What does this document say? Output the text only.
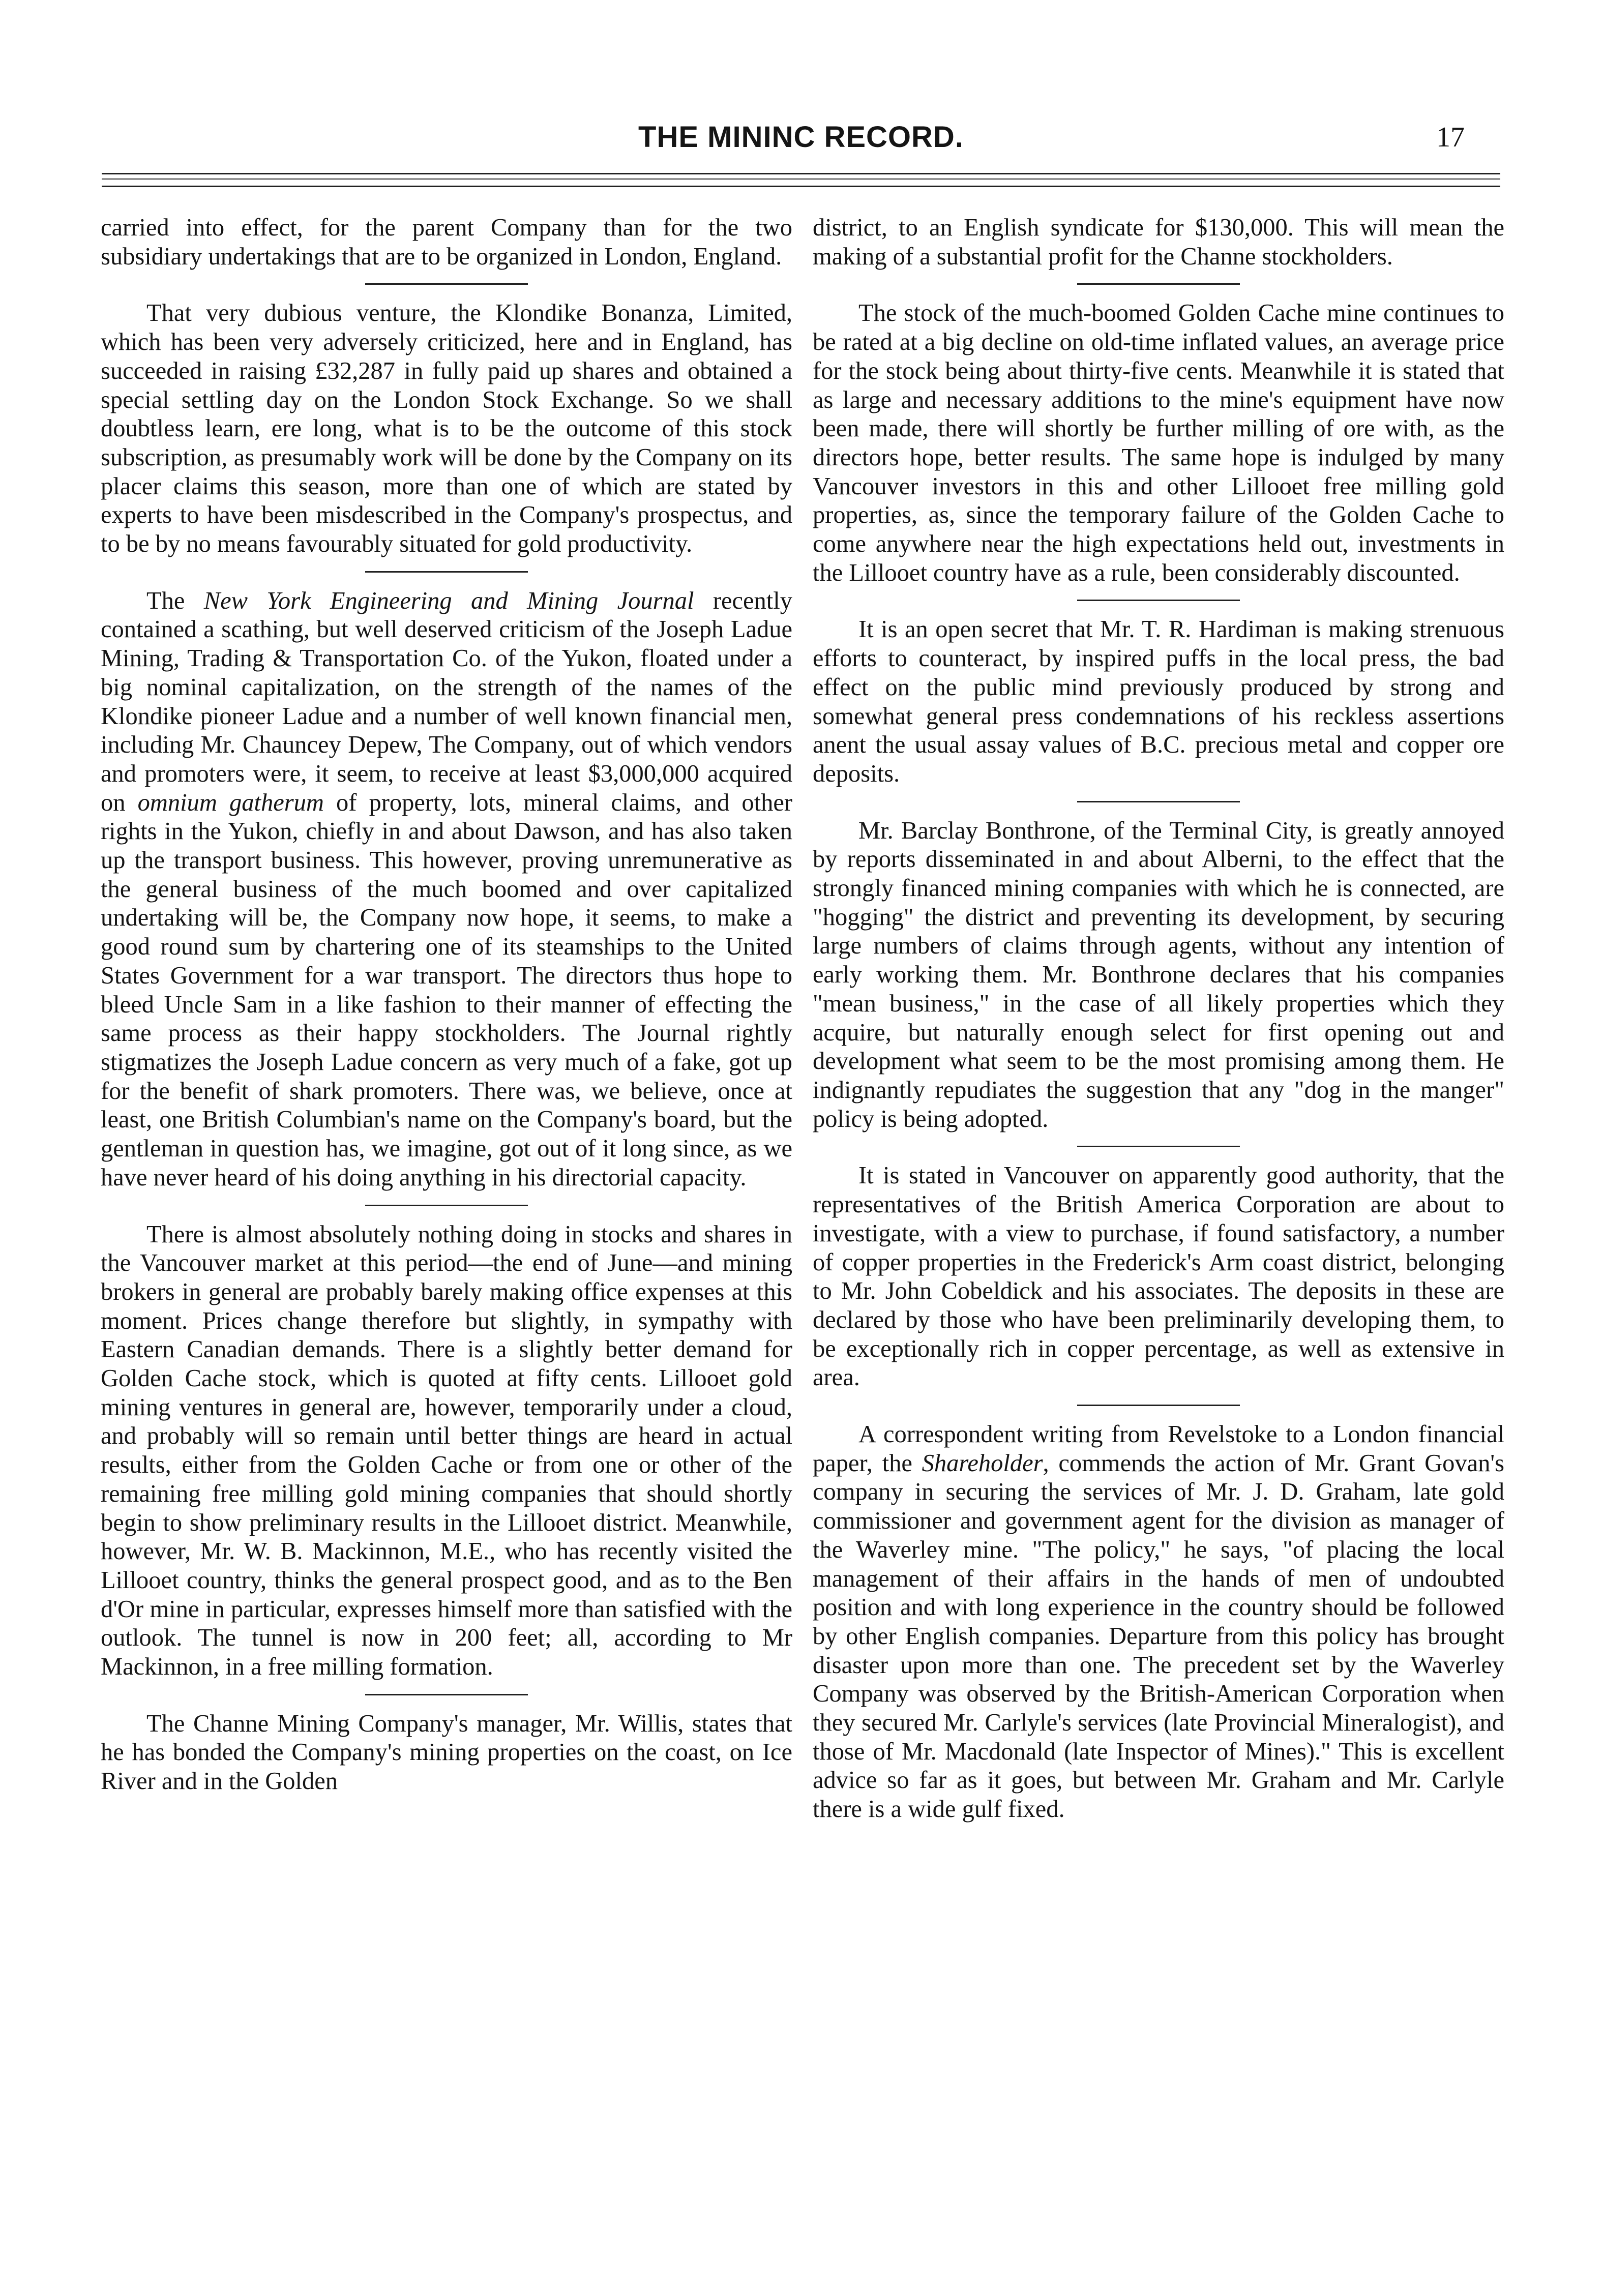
THE MININC RECORD.	17

carried into effect, for the parent Company than for the two subsidiary undertakings that are to be organized in London, England.

That very dubious venture, the Klondike Bonanza, Limited, which has been very adversely criticized, here and in England, has succeeded in raising £32,287 in fully paid up shares and obtained a special settling day on the London Stock Exchange. So we shall doubtless learn, ere long, what is to be the outcome of this stock subscription, as presumably work will be done by the Company on its placer claims this season, more than one of which are stated by experts to have been misdescribed in the Company's prospectus, and to be by no means favourably situated for gold productivity.

The New York Engineering and Mining Journal recently contained a scathing, but well deserved criticism of the Joseph Ladue Mining, Trading & Transportation Co. of the Yukon, floated under a big nominal capitalization, on the strength of the names of the Klondike pioneer Ladue and a number of well known financial men, including Mr. Chauncey Depew, The Company, out of which vendors and promoters were, it seem, to receive at least $3,000,000 acquired on omnium gatherum of property, lots, mineral claims, and other rights in the Yukon, chiefly in and about Dawson, and has also taken up the transport business. This however, proving unremunerative as the general business of the much boomed and over capitalized undertaking will be, the Company now hope, it seems, to make a good round sum by chartering one of its steamships to the United States Government for a war transport. The directors thus hope to bleed Uncle Sam in a like fashion to their manner of effecting the same process as their happy stockholders. The Journal rightly stigmatizes the Joseph Ladue concern as very much of a fake, got up for the benefit of shark promoters. There was, we believe, once at least, one British Columbian's name on the Company's board, but the gentleman in question has, we imagine, got out of it long since, as we have never heard of his doing anything in his directorial capacity.

There is almost absolutely nothing doing in stocks and shares in the Vancouver market at this period—the end of June—and mining brokers in general are probably barely making office expenses at this moment. Prices change therefore but slightly, in sympathy with Eastern Canadian demands. There is a slightly better demand for Golden Cache stock, which is quoted at fifty cents. Lillooet gold mining ventures in general are, however, temporarily under a cloud, and probably will so remain until better things are heard in actual results, either from the Golden Cache or from one or other of the remaining free milling gold mining companies that should shortly begin to show preliminary results in the Lillooet district. Meanwhile, however, Mr. W. B. Mackinnon, M.E., who has recently visited the Lillooet country, thinks the general prospect good, and as to the Ben d'Or mine in particular, expresses himself more than satisfied with the outlook. The tunnel is now in 200 feet; all, according to Mr Mackinnon, in a free milling formation.

The Channe Mining Company's manager, Mr. Willis, states that he has bonded the Company's mining properties on the coast, on Ice River and in the Golden

district, to an English syndicate for $130,000. This will mean the making of a substantial profit for the Channe stockholders.

The stock of the much-boomed Golden Cache mine continues to be rated at a big decline on old-time inflated values, an average price for the stock being about thirty-five cents. Meanwhile it is stated that as large and necessary additions to the mine's equipment have now been made, there will shortly be further milling of ore with, as the directors hope, better results. The same hope is indulged by many Vancouver investors in this and other Lillooet free milling gold properties, as, since the temporary failure of the Golden Cache to come anywhere near the high expectations held out, investments in the Lillooet country have as a rule, been considerably discounted.

It is an open secret that Mr. T. R. Hardiman is making strenuous efforts to counteract, by inspired puffs in the local press, the bad effect on the public mind previously produced by strong and somewhat general press condemnations of his reckless assertions anent the usual assay values of B.C. precious metal and copper ore deposits.

Mr. Barclay Bonthrone, of the Terminal City, is greatly annoyed by reports disseminated in and about Alberni, to the effect that the strongly financed mining companies with which he is connected, are "hogging" the district and preventing its development, by securing large numbers of claims through agents, without any intention of early working them. Mr. Bonthrone declares that his companies "mean business," in the case of all likely properties which they acquire, but naturally enough select for first opening out and development what seem to be the most promising among them. He indignantly repudiates the suggestion that any "dog in the manger" policy is being adopted.

It is stated in Vancouver on apparently good authority, that the representatives of the British America Corporation are about to investigate, with a view to purchase, if found satisfactory, a number of copper properties in the Frederick's Arm coast district, belonging to Mr. John Cobeldick and his associates. The deposits in these are declared by those who have been preliminarily developing them, to be exceptionally rich in copper percentage, as well as extensive in area.

A correspondent writing from Revelstoke to a London financial paper, the Shareholder, commends the action of Mr. Grant Govan's company in securing the services of Mr. J. D. Graham, late gold commissioner and government agent for the division as manager of the Waverley mine. "The policy," he says, "of placing the local management of their affairs in the hands of men of undoubted position and with long experience in the country should be followed by other English companies. Departure from this policy has brought disaster upon more than one. The precedent set by the Waverley Company was observed by the British-American Corporation when they secured Mr. Carlyle's services (late Provincial Mineralogist), and those of Mr. Macdonald (late Inspector of Mines)." This is excellent advice so far as it goes, but between Mr. Graham and Mr. Carlyle there is a wide gulf fixed.
